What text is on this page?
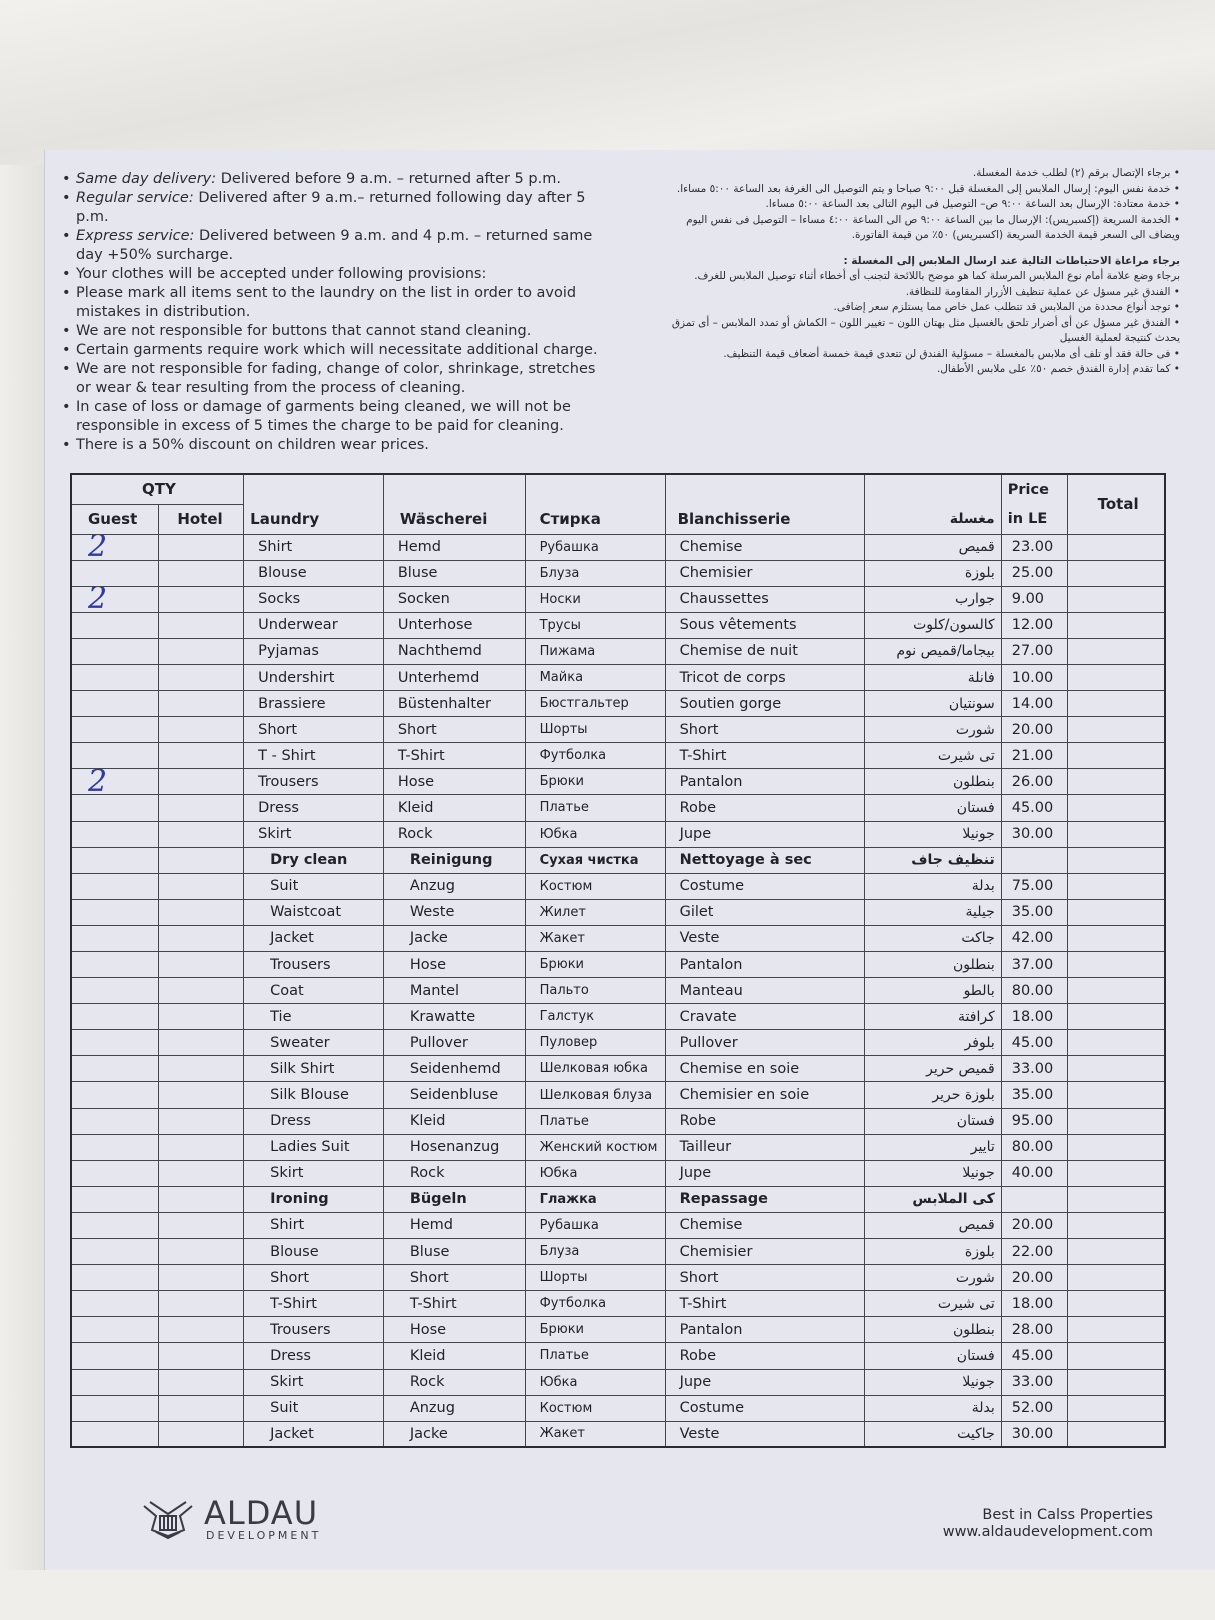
• Same day delivery: Delivered before 9 a.m. – returned after 5 p.m.
• Regular service: Delivered after 9 a.m.– returned following day after 5 p.m.
• Express service: Delivered between 9 a.m. and 4 p.m. – returned same day +50% surcharge.
• Your clothes will be accepted under following provisions:
• Please mark all items sent to the laundry on the list in order to avoid mistakes in distribution.
• We are not responsible for buttons that cannot stand cleaning.
• Certain garments require work which will necessitate additional charge.
• We are not responsible for fading, change of color, shrinkage, stretches or wear & tear resulting from the process of cleaning.
• In case of loss or damage of garments being cleaned, we will not be responsible in excess of 5 times the charge to be paid for cleaning.
• There is a 50% discount on children wear prices.
• برجاء الإتصال برقم (٢) لطلب خدمة المغسلة.
• خدمة نفس اليوم: إرسال الملابس إلى المغسلة قبل ٩:٠٠ صباحا و يتم التوصيل الى الغرفة بعد الساعة ٥:٠٠ مساءا.
• خدمة معتادة: الإرسال بعد الساعة ٩:٠٠ ص– التوصيل فى اليوم التالى بعد الساعة ٥:٠٠ مساءا.
• الخدمة السريعة (إكسبريس): الإرسال ما بين الساعة ٩:٠٠ ص الى الساعة ٤:٠٠ مساءا – التوصيل فى نفس اليوم ويضاف الى السعر قيمة الخدمة السريعة (اكسبريس) ٥٠٪ من قيمة الفاتورة.
برجاء مراعاة الاحتياطات التالية عند ارسال الملابس إلى المغسلة :
برجاء وضع علامة أمام نوع الملابس المرسلة كما هو موضح باللائحة لتجنب أى أخطاء أثناء توصيل الملابس للغرف.
• الفندق غير مسؤل عن عملية تنظيف الأزرار المقاومة للنظافة.
• توجد أنواع محددة من الملابس قد تتطلب عمل خاص مما يستلزم سعر إضافى.
• الفندق غير مسؤل عن أى أضرار تلحق بالغسيل مثل بهتان اللون – تغيير اللون – الكماش أو تمدد الملابس – أى تمزق يحدث كنتيجة لعملية الغسيل
• فى حالة فقد أو تلف أى ملابس بالمغسلة – مسؤلية الفندق لن تتعدى قيمة خمسة أضعاف قيمة التنظيف.
• كما تقدم إدارة الفندق خصم ٥٠٪ على ملابس الأطفال.
QTY							Price	Total
Guest	Hotel	Laundry	Wäscherei	Стирка	Blanchisserie	مغسلة	in LE	
2		Shirt	Hemd	Рубашка	Chemise	قميص	23.00	
		Blouse	Bluse	Блуза	Chemisier	بلوزة	25.00	
2		Socks	Socken	Носки	Chaussettes	جوارب	9.00	
		Underwear	Unterhose	Трусы	Sous vêtements	كالسون/كلوت	12.00	
		Pyjamas	Nachthemd	Пижама	Chemise de nuit	بيجاما/قميص نوم	27.00	
		Undershirt	Unterhemd	Майка	Tricot de corps	فانلة	10.00	
		Brassiere	Büstenhalter	Бюстгальтер	Soutien gorge	سونتيان	14.00	
		Short	Short	Шорты	Short	شورت	20.00	
		T - Shirt	T-Shirt	Футболка	T-Shirt	تى شيرت	21.00	
2		Trousers	Hose	Брюки	Pantalon	بنطلون	26.00	
		Dress	Kleid	Платье	Robe	فستان	45.00	
		Skirt	Rock	Юбка	Jupe	جونيلا	30.00	
		Dry clean	Reinigung	Сухая чистка	Nettoyage à sec	تنظيف جاف		
		Suit	Anzug	Костюм	Costume	بدلة	75.00	
		Waistcoat	Weste	Жилет	Gilet	جيلية	35.00	
		Jacket	Jacke	Жакет	Veste	جاكت	42.00	
		Trousers	Hose	Брюки	Pantalon	بنطلون	37.00	
		Coat	Mantel	Пальто	Manteau	بالطو	80.00	
		Tie	Krawatte	Галстук	Cravate	كرافتة	18.00	
		Sweater	Pullover	Пуловер	Pullover	بلوفر	45.00	
		Silk Shirt	Seidenhemd	Шелковая юбка	Chemise en soie	قميص حرير	33.00	
		Silk Blouse	Seidenbluse	Шелковая блуза	Chemisier en soie	بلوزة حرير	35.00	
		Dress	Kleid	Платье	Robe	فستان	95.00	
		Ladies Suit	Hosenanzug	Женский костюм	Tailleur	تايير	80.00	
		Skirt	Rock	Юбка	Jupe	جونيلا	40.00	
		Ironing	Bügeln	Глажка	Repassage	كى الملابس		
		Shirt	Hemd	Рубашка	Chemise	قميص	20.00	
		Blouse	Bluse	Блуза	Chemisier	بلوزة	22.00	
		Short	Short	Шорты	Short	شورت	20.00	
		T-Shirt	T-Shirt	Футболка	T-Shirt	تى شيرت	18.00	
		Trousers	Hose	Брюки	Pantalon	بنطلون	28.00	
		Dress	Kleid	Платье	Robe	فستان	45.00	
		Skirt	Rock	Юбка	Jupe	جونيلا	33.00	
		Suit	Anzug	Костюм	Costume	بدلة	52.00	
		Jacket	Jacke	Жакет	Veste	جاكيت	30.00	
ALDAU
DEVELOPMENT
Best in Calss Properties
www.aldaudevelopment.com
